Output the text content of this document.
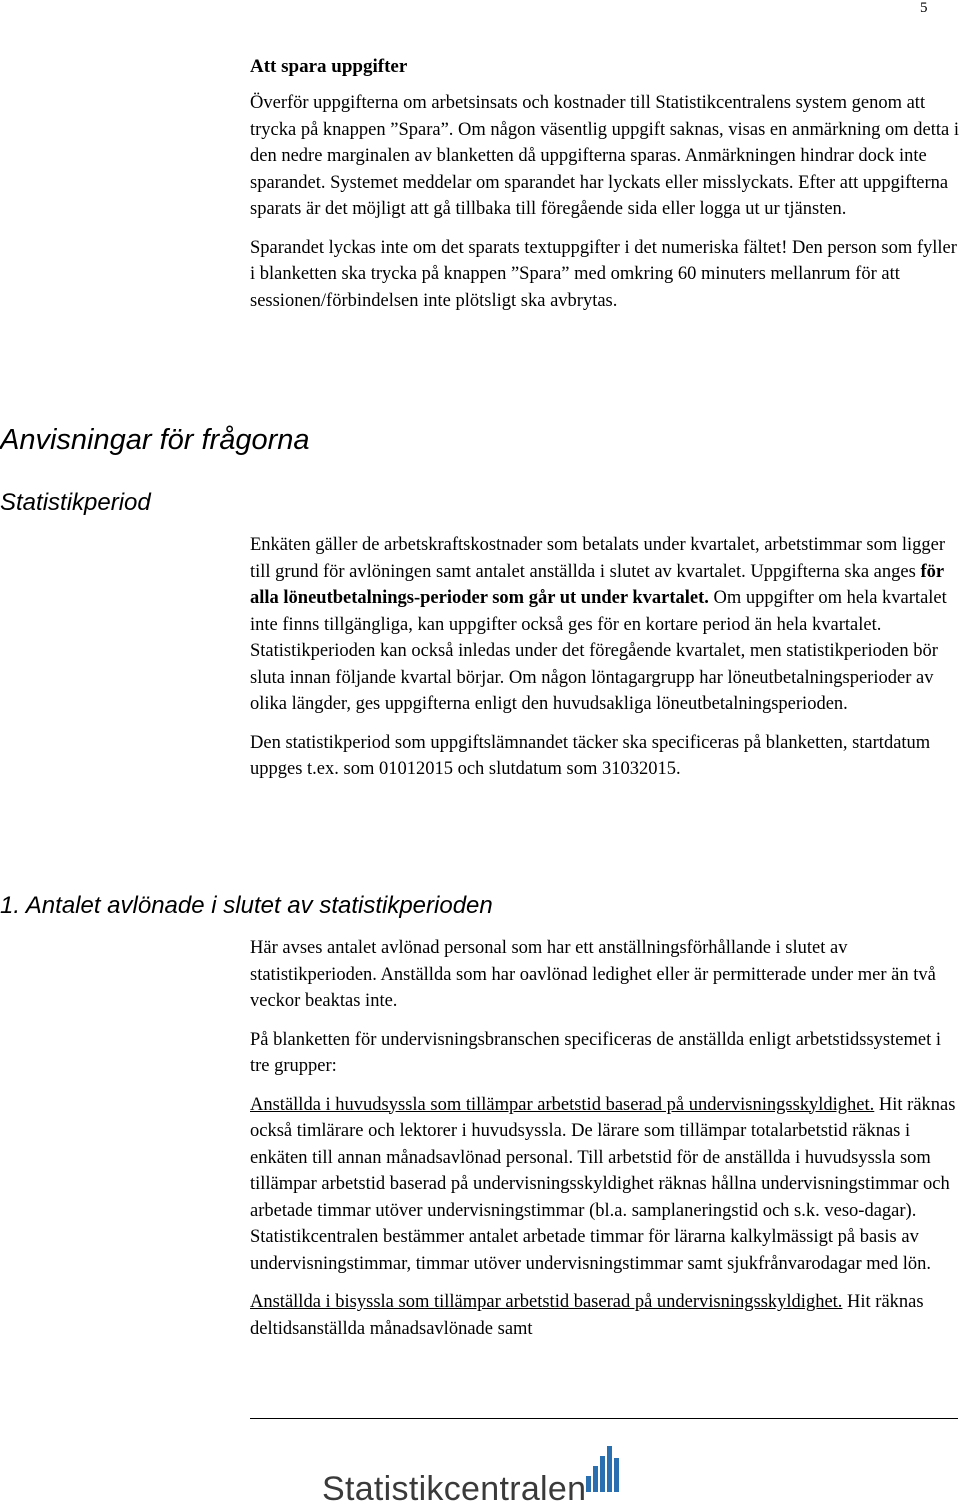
5
Att spara uppgifter

Överför uppgifterna om arbetsinsats och kostnader till Statistikcentralens system genom att trycka på knappen ”Spara”. Om någon väsentlig uppgift saknas, visas en anmärkning om detta i den nedre marginalen av blanketten då uppgifterna sparas. Anmärkningen hindrar dock inte sparandet. Systemet meddelar om sparandet har lyckats eller misslyckats. Efter att uppgifterna sparats är det möjligt att gå tillbaka till föregående sida eller logga ut ur tjänsten.

Sparandet lyckas inte om det sparats textuppgifter i det numeriska fältet! Den person som fyller i blanketten ska trycka på knappen ”Spara” med omkring 60 minuters mellanrum för att sessionen/förbindelsen inte plötsligt ska avbrytas.

Anvisningar för frågorna
Statistikperiod

Enkäten gäller de arbetskraftskostnader som betalats under kvartalet, arbetstimmar som ligger till grund för avlöningen samt antalet anställda i slutet av kvartalet. Uppgifterna ska anges för alla löneutbetalnings-perioder som går ut under kvartalet. Om uppgifter om hela kvartalet inte finns tillgängliga, kan uppgifter också ges för en kortare period än hela kvartalet. Statistikperioden kan också inledas under det föregående kvartalet, men statistikperioden bör sluta innan följande kvartal börjar. Om någon löntagargrupp har löneutbetalningsperioder av olika längder, ges uppgifterna enligt den huvudsakliga löneutbetalningsperioden.

Den statistikperiod som uppgiftslämnandet täcker ska specificeras på blanketten, startdatum uppges t.ex. som 01012015 och slutdatum som 31032015.

1. Antalet avlönade i slutet av statistikperioden

Här avses antalet avlönad personal som har ett anställningsförhållande i slutet av statistikperioden. Anställda som har oavlönad ledighet eller är permitterade under mer än två veckor beaktas inte.

På blanketten för undervisningsbranschen specificeras de anställda enligt arbetstidssystemet i tre grupper:

Anställda i huvudsyssla som tillämpar arbetstid baserad på undervisningsskyldighet. Hit räknas också timlärare och lektorer i huvudsyssla. De lärare som tillämpar totalarbetstid räknas i enkäten till annan månadsavlönad personal. Till arbetstid för de anställda i huvudsyssla som tillämpar arbetstid baserad på undervisningsskyldighet räknas hållna undervisningstimmar och arbetade timmar utöver undervisningstimmar (bl.a. samplaneringstid och s.k. veso-dagar). Statistikcentralen bestämmer antalet arbetade timmar för lärarna kalkylmässigt på basis av undervisningstimmar, timmar utöver undervisningstimmar samt sjukfrånvarodagar med lön.

Anställda i bisyssla som tillämpar arbetstid baserad på undervisningsskyldighet. Hit räknas deltidsanställda månadsavlönade samt

Statistikcentralen
